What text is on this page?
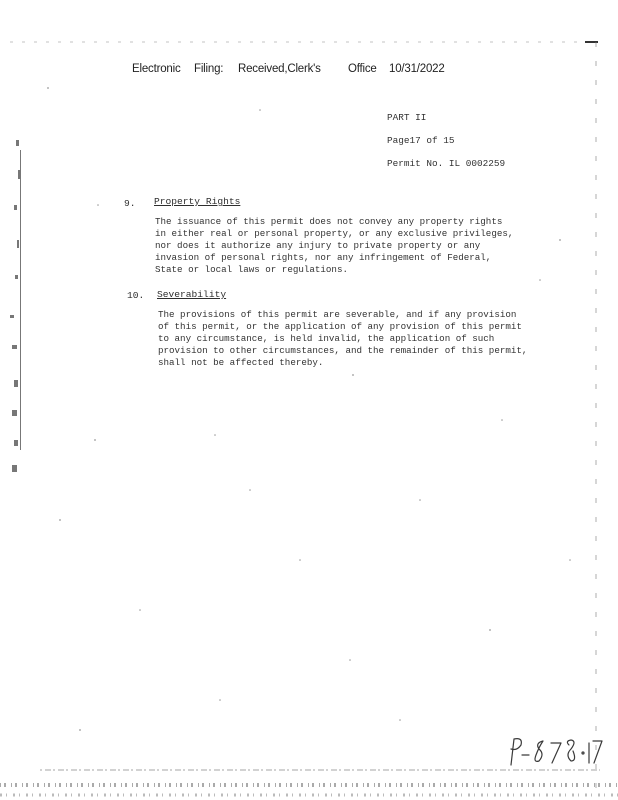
Electronic Filing: Received,Clerk's Office 10/31/2022
PART II
Page17 of 15
Permit No. IL 0002259
9. Property Rights
The issuance of this permit does not convey any property rights
in either real or personal property, or any exclusive privileges,
nor does it authorize any injury to private property or any
invasion of personal rights, nor any infringement of Federal,
State or local laws or regulations.
10. Severability
The provisions of this permit are severable, and if any provision
of this permit, or the application of any provision of this permit
to any circumstance, is held invalid, the application of such
provision to other circumstances, and the remainder of this permit,
shall not be affected thereby.
